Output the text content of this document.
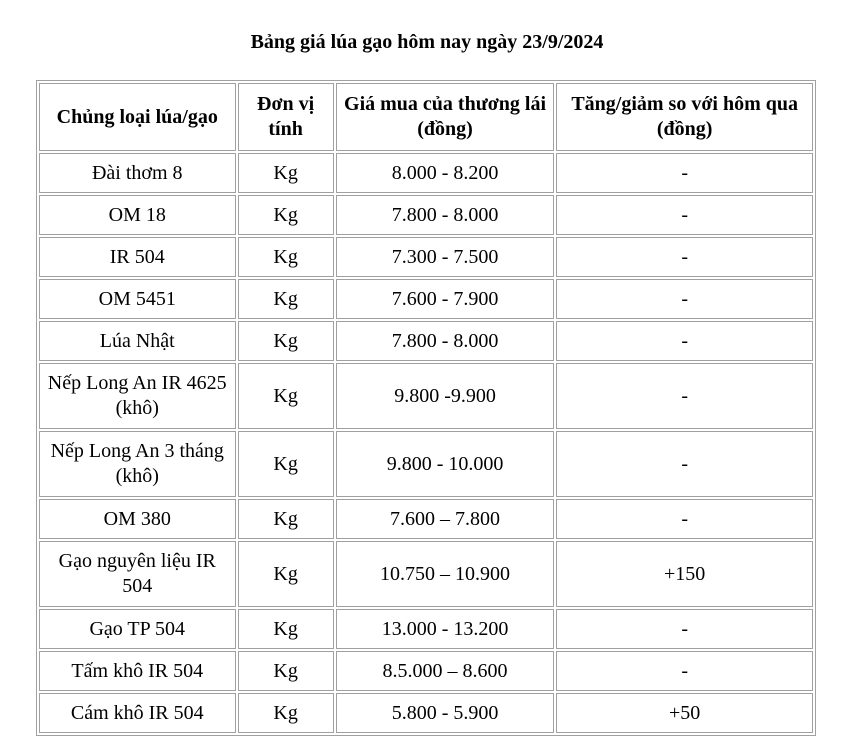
Bảng giá lúa gạo hôm nay ngày 23/9/2024
Chủng loại lúa/gạo	Đơn vị tính	Giá mua của thương lái (đồng)	Tăng/giảm so với hôm qua (đồng)
Đài thơm 8	Kg	8.000 - 8.200	-
OM 18	Kg	7.800 - 8.000	-
IR 504	Kg	7.300 - 7.500	-
OM 5451	Kg	7.600 - 7.900	-
Lúa Nhật	Kg	7.800 - 8.000	-
Nếp Long An IR 4625 (khô)	Kg	9.800 -9.900	-
Nếp Long An 3 tháng (khô)	Kg	9.800 - 10.000	-
OM 380	Kg	7.600 – 7.800	-
Gạo nguyên liệu IR 504	Kg	10.750 – 10.900	+150
Gạo TP 504	Kg	13.000 - 13.200	-
Tấm khô IR 504	Kg	8.5.000 – 8.600	-
Cám khô IR 504	Kg	5.800 - 5.900	+50
